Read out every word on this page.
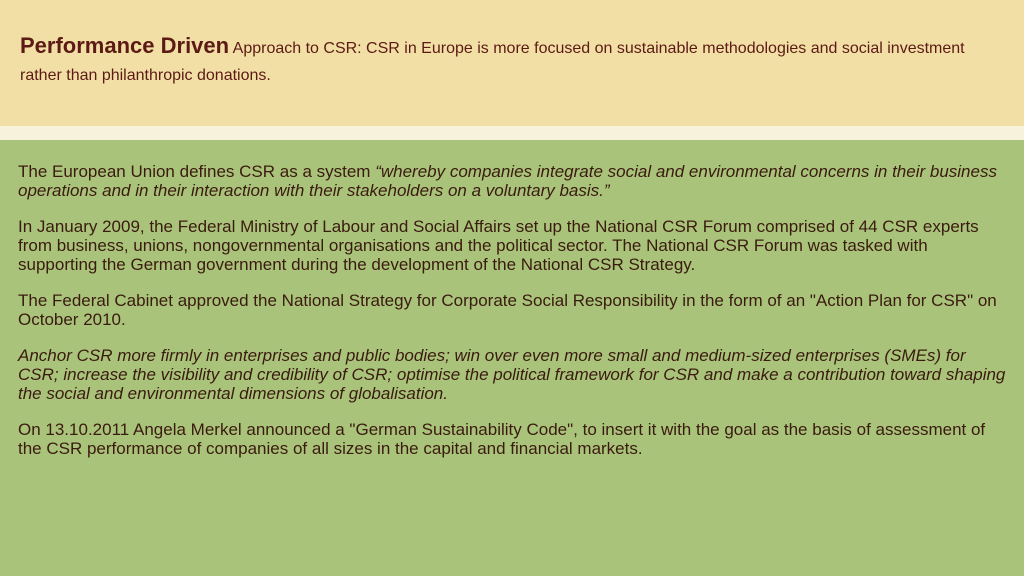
Performance Driven Approach to CSR: CSR in Europe is more focused on sustainable methodologies and social investment rather than philanthropic donations.

The European Union defines CSR as a system “whereby companies integrate social and environmental concerns in their business operations and in their interaction with their stakeholders on a voluntary basis.”

In January 2009, the Federal Ministry of Labour and Social Affairs set up the National CSR Forum comprised of 44 CSR experts from business, unions, nongovernmental organisations and the political sector. The National CSR Forum was tasked with supporting the German government during the development of the National CSR Strategy.

The Federal Cabinet approved the National Strategy for Corporate Social Responsibility in the form of an "Action Plan for CSR" on October 2010.

Anchor CSR more firmly in enterprises and public bodies; win over even more small and medium-sized enterprises (SMEs) for CSR; increase the visibility and credibility of CSR; optimise the political framework for CSR and make a contribution toward shaping the social and environmental dimensions of globalisation.

On 13.10.2011 Angela Merkel announced a "German Sustainability Code", to insert it with the goal as the basis of assessment of the CSR performance of companies of all sizes in the capital and financial markets.
